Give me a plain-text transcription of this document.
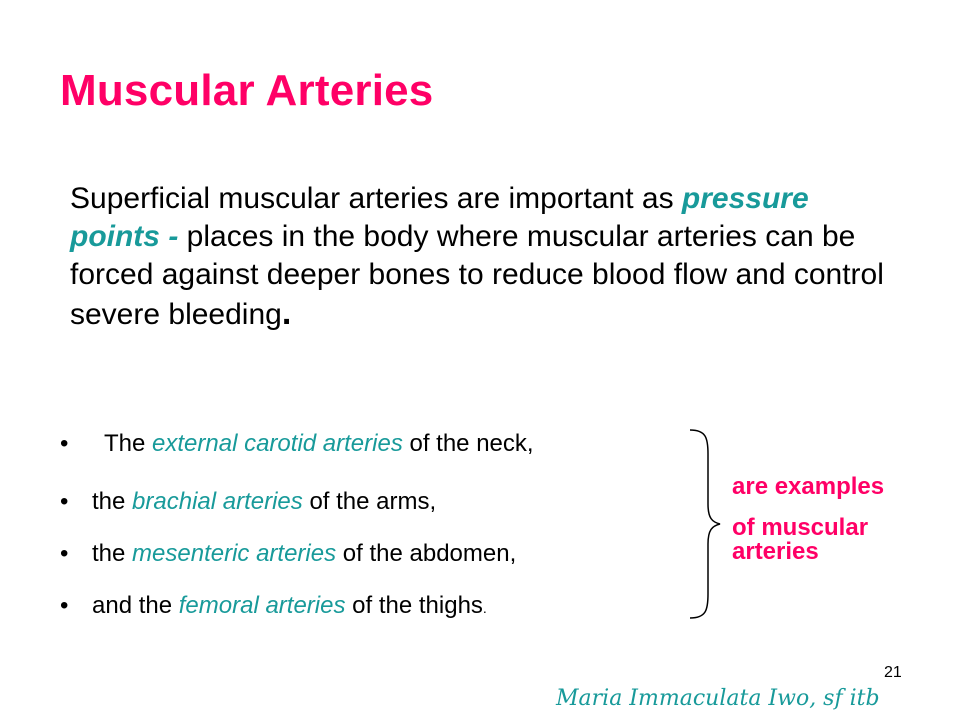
Muscular Arteries
Superficial muscular arteries are important as pressure points - places in the body where muscular arteries can be forced against deeper bones to reduce blood flow and control severe bleeding.
• The external carotid arteries of the neck,
• the brachial arteries of the arms,
• the mesenteric arteries of the abdomen,
• and the femoral arteries of the thighs.
are examples
of muscular
arteries
21
Maria Immaculata Iwo, sf itb
